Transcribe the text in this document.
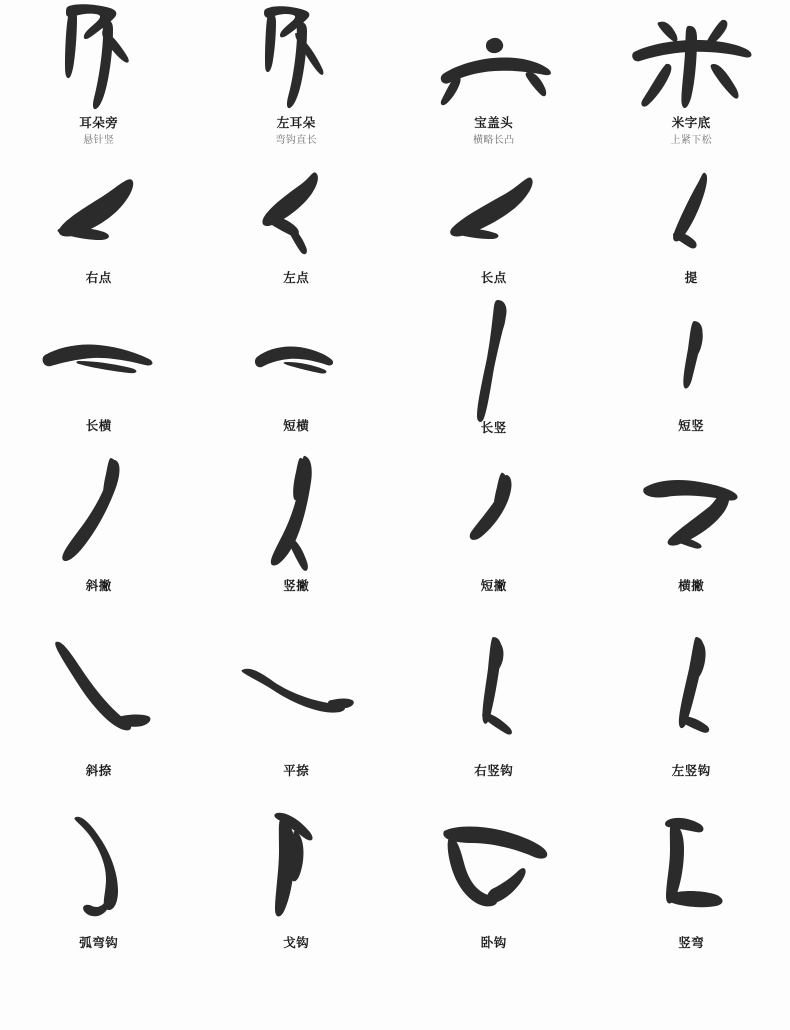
耳朵旁
悬针竖
左耳朵
弯钩直长
宝盖头
横略长凸
米字底
上紧下松
右点	左点	长点	提
长横	短横	长竖	短竖
斜撇	竖撇	短撇	横撇
斜捺	平捺	右竖钩	左竖钩
弧弯钩	戈钩	卧钩	竖弯
